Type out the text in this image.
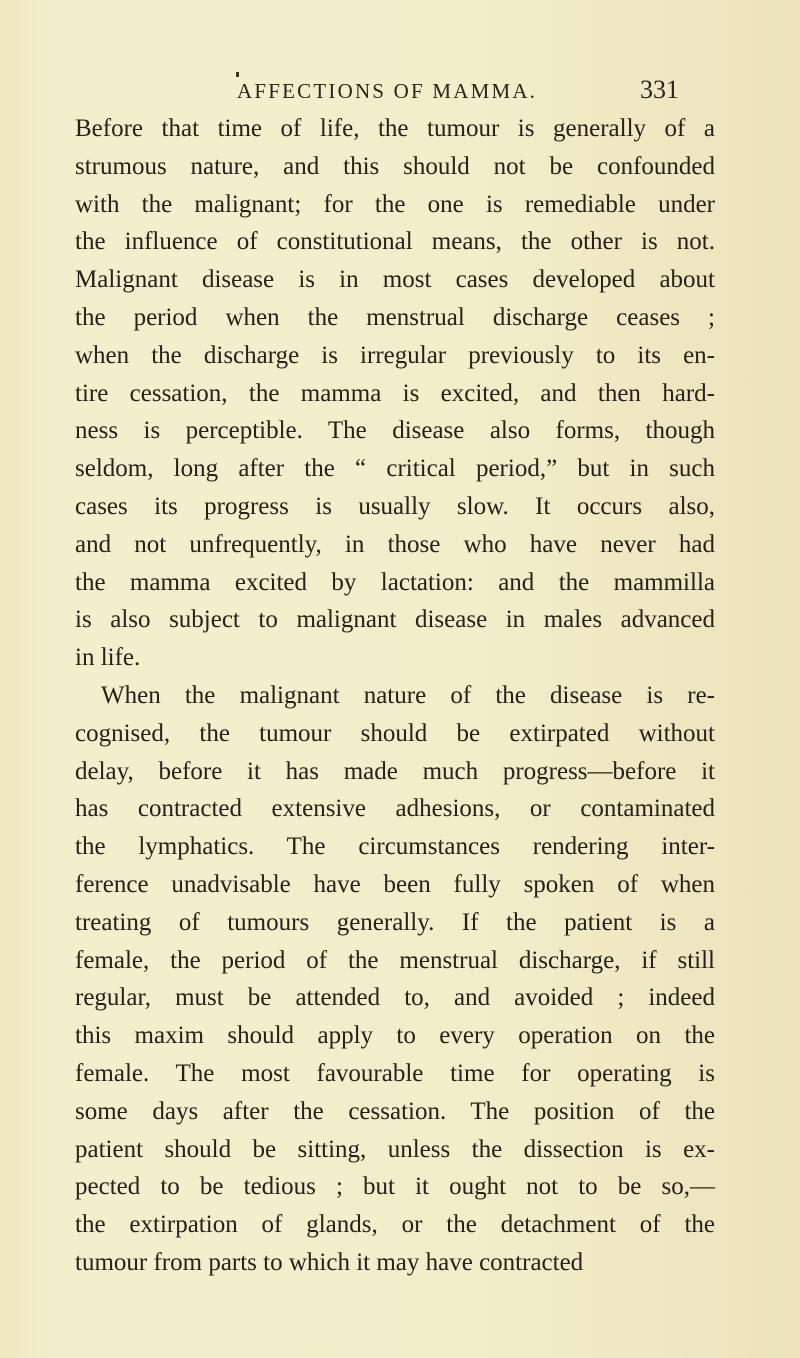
AFFECTIONS OF MAMMA.	331
Before that time of life, the tumour is generally of a
strumous nature, and this should not be confounded
with the malignant; for the one is remediable under
the influence of constitutional means, the other is not.
Malignant disease is in most cases developed about
the period when the menstrual discharge ceases ;
when the discharge is irregular previously to its en-
tire cessation, the mamma is excited, and then hard-
ness is perceptible. The disease also forms, though
seldom, long after the “ critical period,” but in such
cases its progress is usually slow. It occurs also,
and not unfrequently, in those who have never had
the mamma excited by lactation: and the mammilla
is also subject to malignant disease in males advanced
in life.
When the malignant nature of the disease is re-
cognised, the tumour should be extirpated without
delay, before it has made much progress—before it
has contracted extensive adhesions, or contaminated
the lymphatics. The circumstances rendering inter-
ference unadvisable have been fully spoken of when
treating of tumours generally. If the patient is a
female, the period of the menstrual discharge, if still
regular, must be attended to, and avoided ; indeed
this maxim should apply to every operation on the
female. The most favourable time for operating is
some days after the cessation. The position of the
patient should be sitting, unless the dissection is ex-
pected to be tedious ; but it ought not to be so,—
the extirpation of glands, or the detachment of the
tumour from parts to which it may have contracted
